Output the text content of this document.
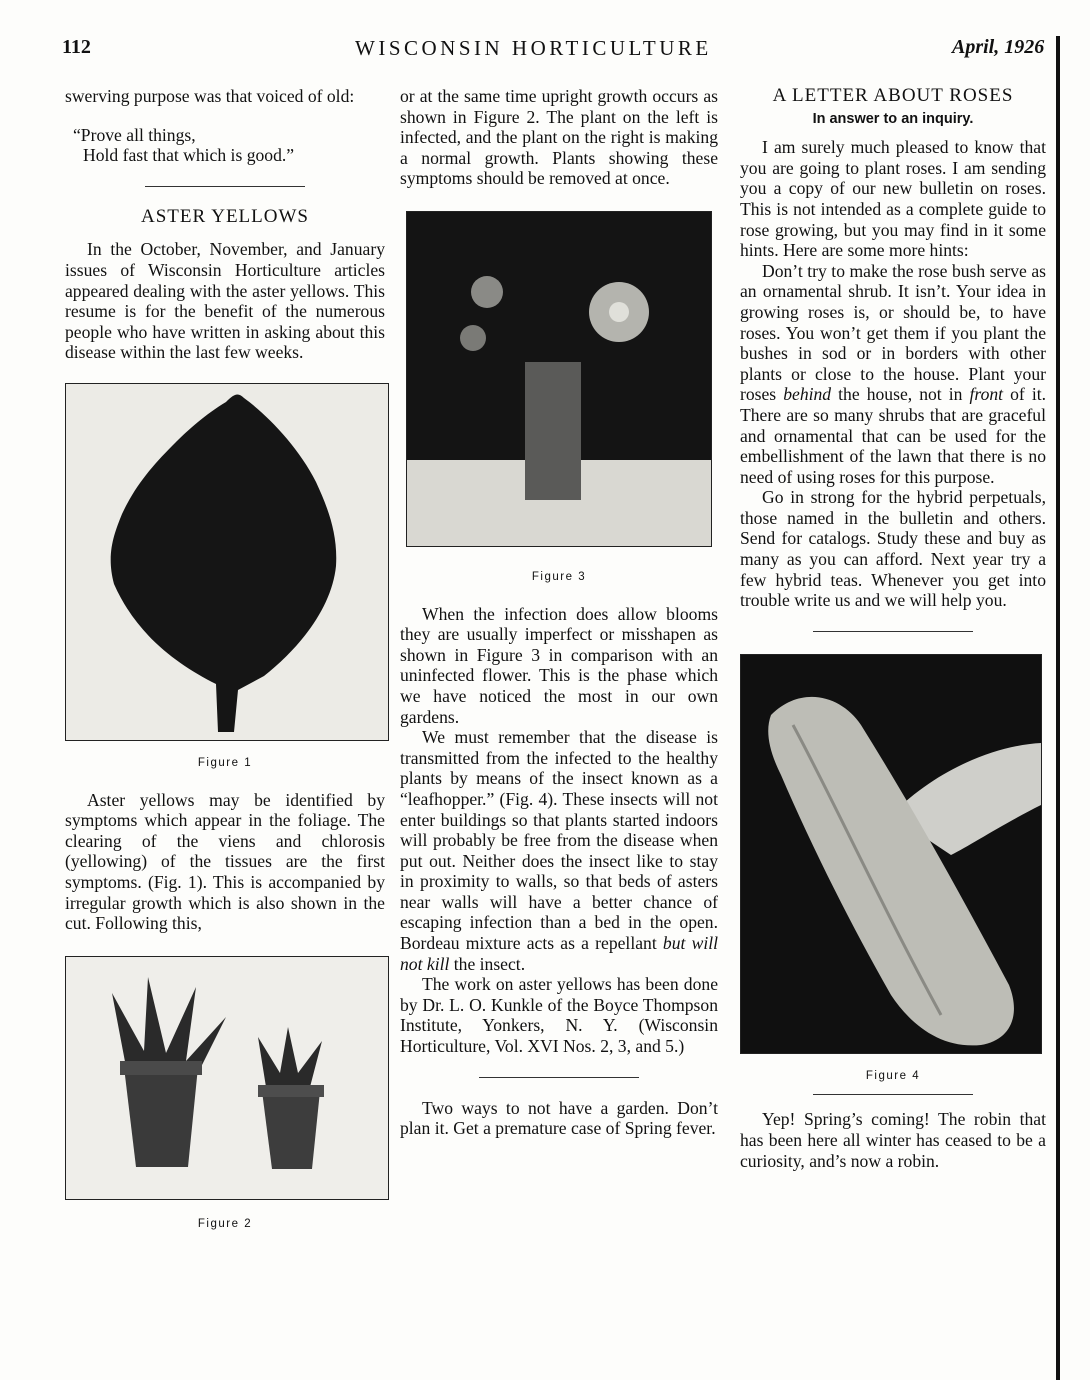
112	WISCONSIN HORTICULTURE	April, 1926

swerving purpose was that voiced of old:

“Prove all things,
Hold fast that which is good.”
ASTER YELLOWS

In the October, November, and January issues of Wisconsin Horticulture articles appeared dealing with the aster yellows. This resume is for the benefit of the numerous people who have written in asking about this disease within the last few weeks.

Figure 1

Aster yellows may be identified by symptoms which appear in the foliage. The clearing of the viens and chlorosis (yellowing) of the tissues are the first symptoms. (Fig. 1). This is accompanied by irregular growth which is also shown in the cut. Following this,

Figure 2

or at the same time upright growth occurs as shown in Figure 2. The plant on the left is infected, and the plant on the right is making a normal growth. Plants showing these symptoms should be removed at once.

Figure 3

When the infection does allow blooms they are usually imperfect or misshapen as shown in Figure 3 in comparison with an uninfected flower. This is the phase which we have noticed the most in our own gardens.

We must remember that the disease is transmitted from the infected to the healthy plants by means of the insect known as a “leafhopper.” (Fig. 4). These insects will not enter buildings so that plants started indoors will probably be free from the disease when put out. Neither does the insect like to stay in proximity to walls, so that beds of asters near walls will have a better chance of escaping infection than a bed in the open. Bordeau mixture acts as a repellant but will not kill the insect.

The work on aster yellows has been done by Dr. L. O. Kunkle of the Boyce Thompson Institute, Yonkers, N. Y. (Wisconsin Horticulture, Vol. XVI Nos. 2, 3, and 5.)

Two ways to not have a garden. Don’t plan it. Get a premature case of Spring fever.

A LETTER ABOUT ROSES
In answer to an inquiry.

I am surely much pleased to know that you are going to plant roses. I am sending you a copy of our new bulletin on roses. This is not intended as a complete guide to rose growing, but you may find in it some hints. Here are some more hints:

Don’t try to make the rose bush serve as an ornamental shrub. It isn’t. Your idea in growing roses is, or should be, to have roses. You won’t get them if you plant the bushes in sod or in borders with other plants or close to the house. Plant your roses behind the house, not in front of it. There are so many shrubs that are graceful and ornamental that can be used for the embellishment of the lawn that there is no need of using roses for this purpose.

Go in strong for the hybrid perpetuals, those named in the bulletin and others. Send for catalogs. Study these and buy as many as you can afford. Next year try a few hybrid teas. Whenever you get into trouble write us and we will help you.

Figure 4

Yep! Spring’s coming! The robin that has been here all winter has ceased to be a curiosity, and’s now a robin.
